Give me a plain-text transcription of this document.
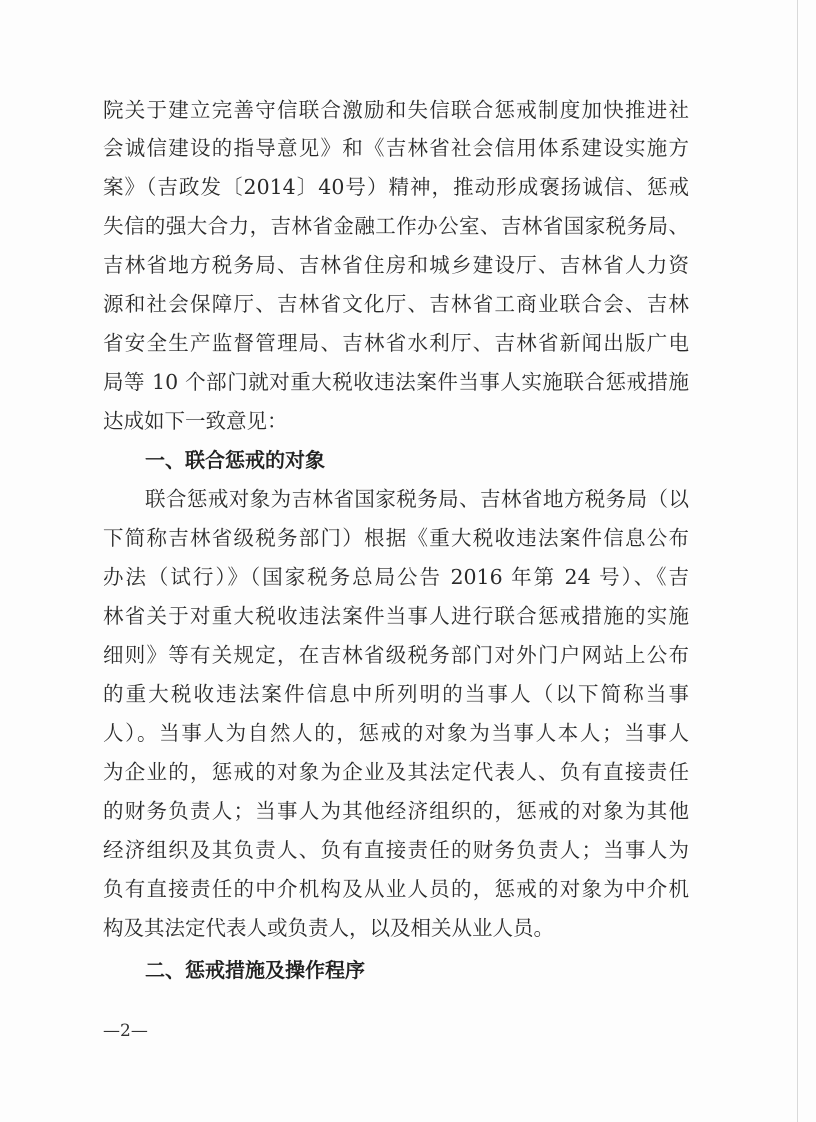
院关于建立完善守信联合激励和失信联合惩戒制度加快推进社
会诚信建设的指导意见》和《吉林省社会信用体系建设实施方
案》（吉政发〔2014〕40号）精神，推动形成褒扬诚信、惩戒
失信的强大合力，吉林省金融工作办公室、吉林省国家税务局、
吉林省地方税务局、吉林省住房和城乡建设厅、吉林省人力资
源和社会保障厅、吉林省文化厅、吉林省工商业联合会、吉林
省安全生产监督管理局、吉林省水利厅、吉林省新闻出版广电
局等 10 个部门就对重大税收违法案件当事人实施联合惩戒措施
达成如下一致意见：
一、联合惩戒的对象
联合惩戒对象为吉林省国家税务局、吉林省地方税务局（以
下简称吉林省级税务部门）根据《重大税收违法案件信息公布
办法（试行）》（国家税务总局公告 2016 年第 24 号）、《吉
林省关于对重大税收违法案件当事人进行联合惩戒措施的实施
细则》等有关规定，在吉林省级税务部门对外门户网站上公布
的重大税收违法案件信息中所列明的当事人（以下简称当事
人）。当事人为自然人的，惩戒的对象为当事人本人；当事人
为企业的，惩戒的对象为企业及其法定代表人、负有直接责任
的财务负责人；当事人为其他经济组织的，惩戒的对象为其他
经济组织及其负责人、负有直接责任的财务负责人；当事人为
负有直接责任的中介机构及从业人员的，惩戒的对象为中介机
构及其法定代表人或负责人，以及相关从业人员。
二、惩戒措施及操作程序
—2—
